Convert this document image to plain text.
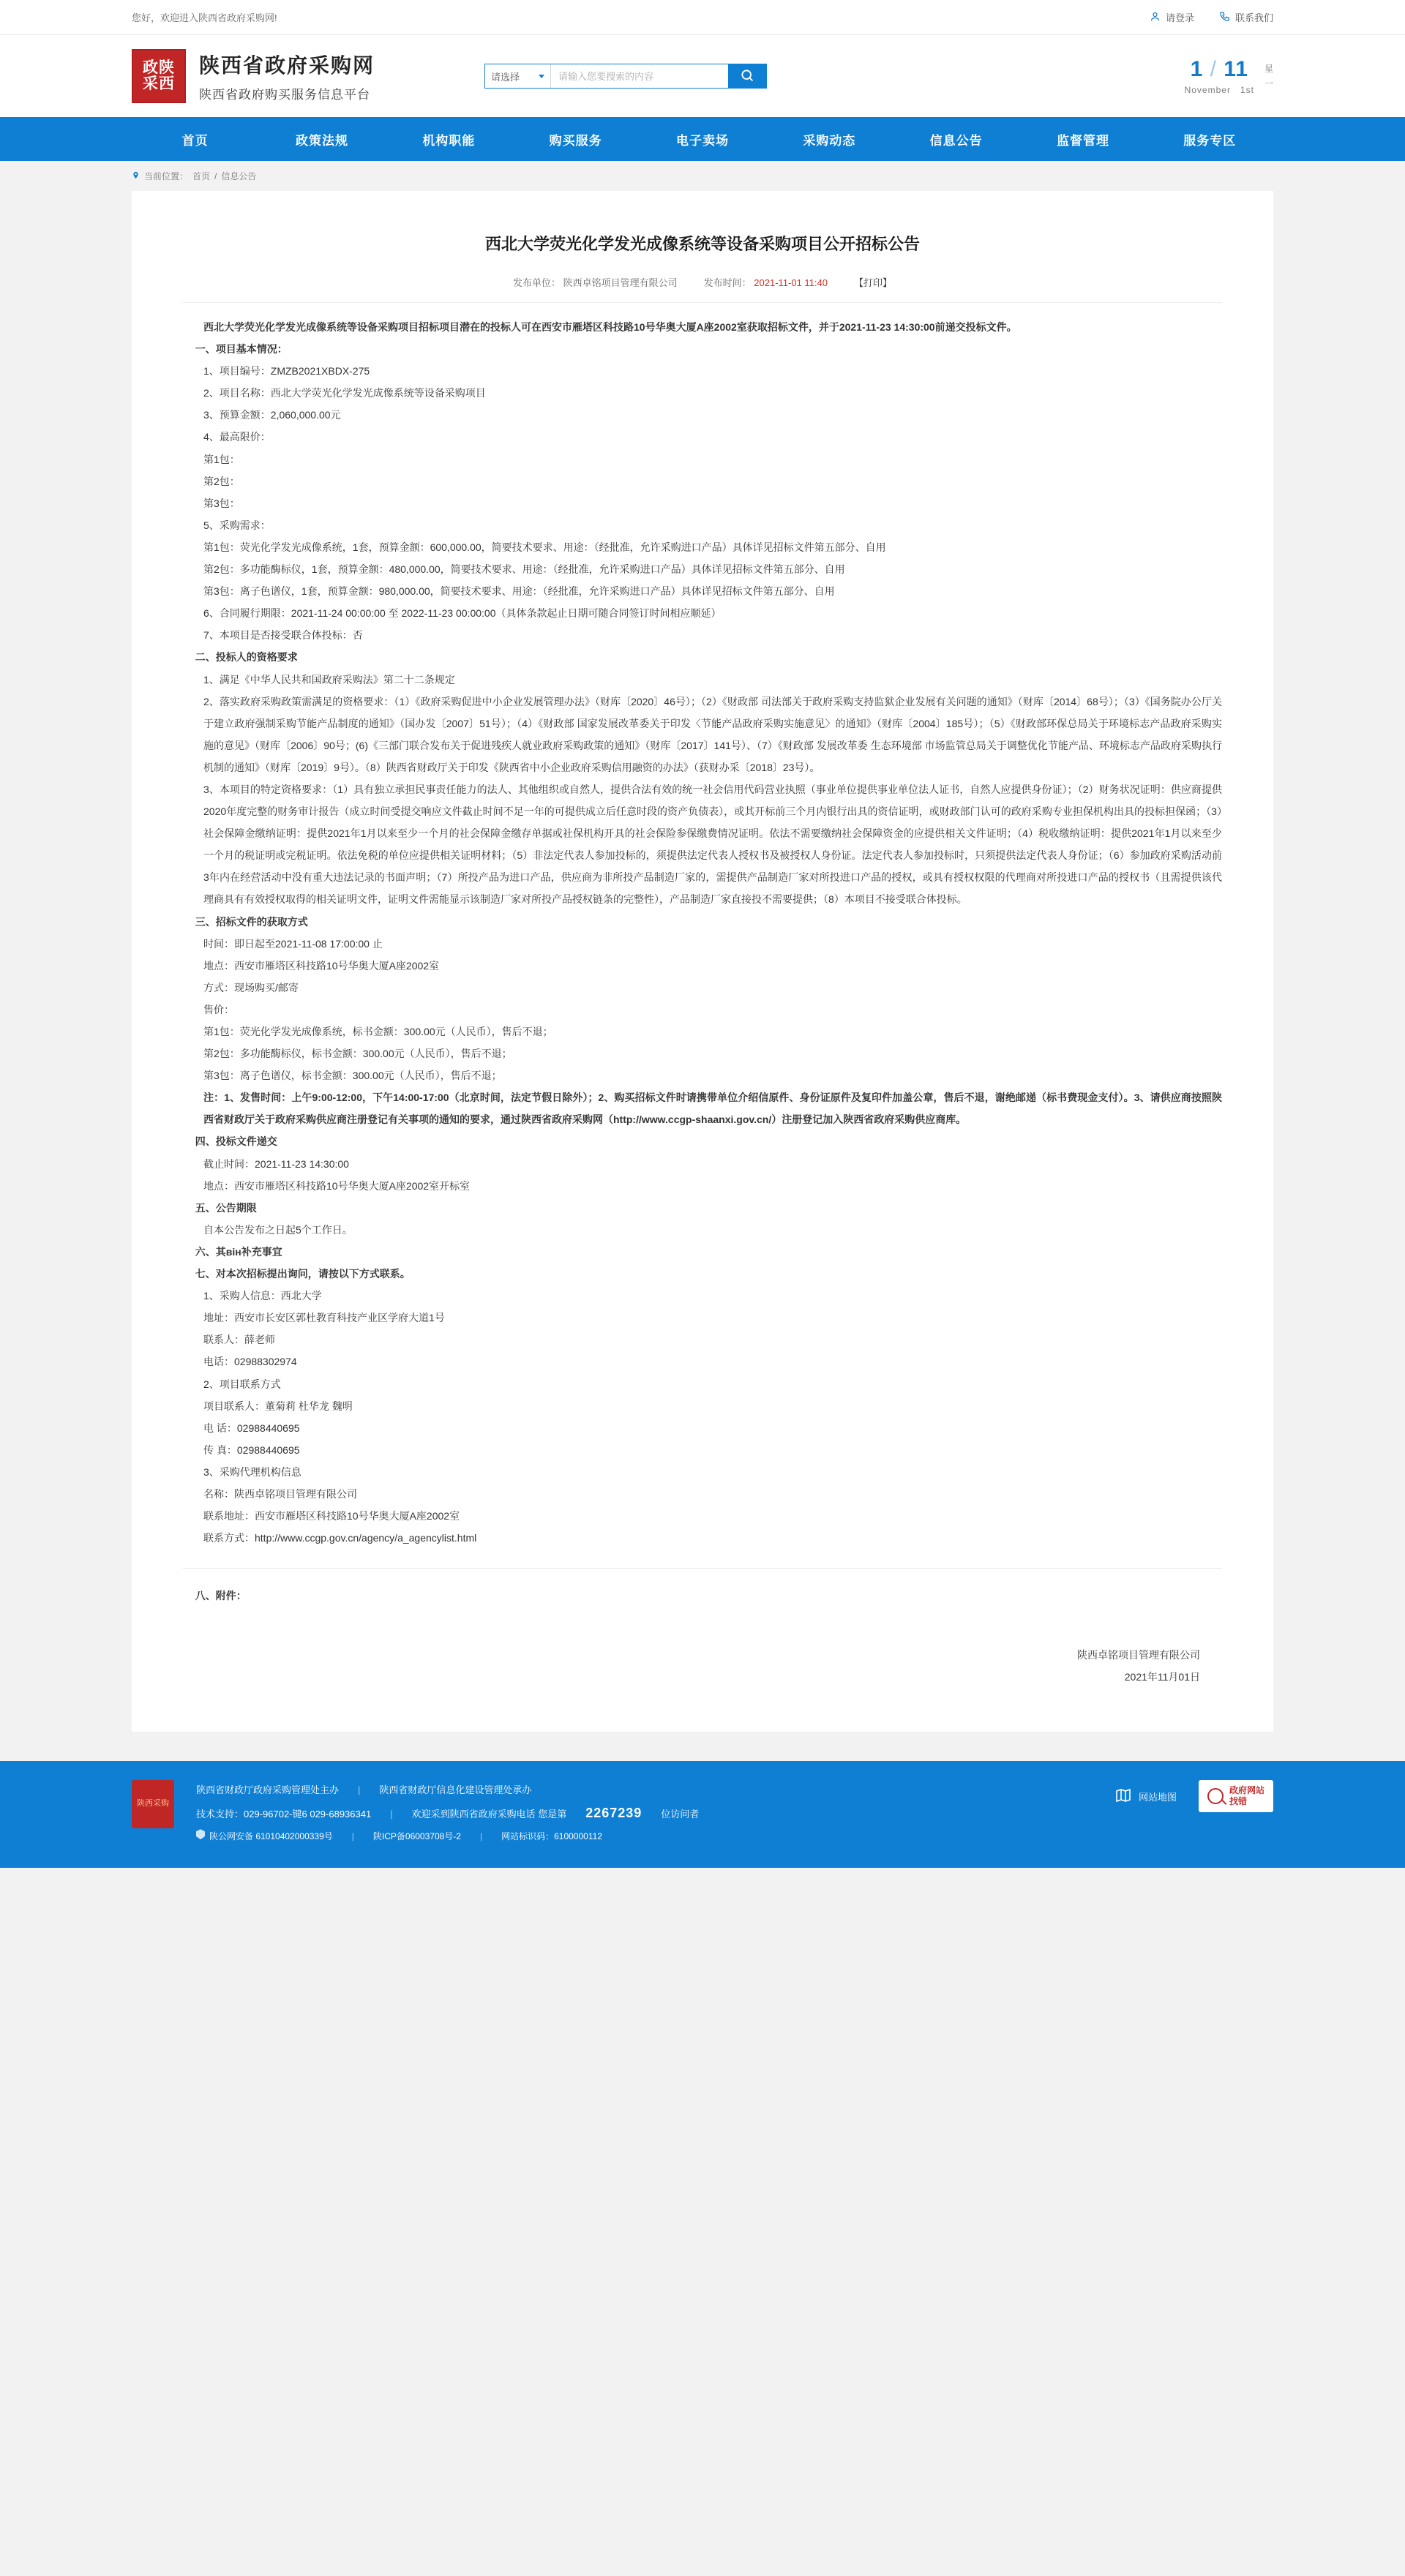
您好，欢迎进入陕西省政府采购网!	请登录	联系我们
政陕
采西
陕西省政府采购网
陕西省政府购买服务信息平台
请选择
请输入您要搜索的内容	1 / 11
November 1st
星
一
首页	政策法规	机构职能	购买服务	电子卖场	采购动态	信息公告	监督管理	服务专区
当前位置： 首页 / 信息公告
西北大学荧光化学发光成像系统等设备采购项目公开招标公告
发布单位： 陕西卓铭项目管理有限公司	发布时间： 2021-11-01 11:40	【打印】

西北大学荧光化学发光成像系统等设备采购项目招标项目潜在的投标人可在西安市雁塔区科技路10号华奥大厦A座2002室获取招标文件，并于2021-11-23 14:30:00前递交投标文件。

一、项目基本情况：

1、项目编号：ZMZB2021XBDX-275

2、项目名称：西北大学荧光化学发光成像系统等设备采购项目

3、预算金额：2,060,000.00元

4、最高限价：

第1包：

第2包：

第3包：

5、采购需求：

第1包：荧光化学发光成像系统，1套，预算金额：600,000.00，简要技术要求、用途：（经批准，允许采购进口产品）具体详见招标文件第五部分、自用

第2包：多功能酶标仪，1套，预算金额：480,000.00，简要技术要求、用途：（经批准，允许采购进口产品）具体详见招标文件第五部分、自用

第3包：离子色谱仪，1套，预算金额：980,000.00，简要技术要求、用途：（经批准，允许采购进口产品）具体详见招标文件第五部分、自用

6、合同履行期限：2021-11-24 00:00:00 至 2022-11-23 00:00:00（具体条款起止日期可随合同签订时间相应顺延）

7、本项目是否接受联合体投标：否

二、投标人的资格要求

1、满足《中华人民共和国政府采购法》第二十二条规定

2、落实政府采购政策需满足的资格要求：（1）《政府采购促进中小企业发展管理办法》（财库〔2020〕46号）；（2）《财政部 司法部关于政府采购支持监狱企业发展有关问题的通知》（财库〔2014〕68号）；（3）《国务院办公厅关于建立政府强制采购节能产品制度的通知》（国办发〔2007〕51号）；（4）《财政部 国家发展改革委关于印发〈节能产品政府采购实施意见〉的通知》（财库〔2004〕185号）；（5）《财政部环保总局关于环境标志产品政府采购实施的意见》（财库〔2006〕90号；(6)《三部门联合发布关于促进残疾人就业政府采购政策的通知》（财库〔2017〕141号）、（7）《财政部 发展改革委 生态环境部 市场监管总局关于调整优化节能产品、环境标志产品政府采购执行机制的通知》（财库〔2019〕9号）。（8）陕西省财政厅关于印发《陕西省中小企业政府采购信用融资的办法》（获财办采〔2018〕23号）。

3、本项目的特定资格要求：（1）具有独立承担民事责任能力的法人、其他组织或自然人，提供合法有效的统一社会信用代码营业执照（事业单位提供事业单位法人证书，自然人应提供身份证）；（2）财务状况证明：供应商提供2020年度完整的财务审计报告（成立时间受提交响应文件截止时间不足一年的可提供成立后任意时段的资产负债表），或其开标前三个月内银行出具的资信证明，或财政部门认可的政府采购专业担保机构出具的投标担保函；（3）社会保障金缴纳证明：提供2021年1月以来至少一个月的社会保障金缴存单据或社保机构开具的社会保险参保缴费情况证明。依法不需要缴纳社会保障资金的应提供相关文件证明；（4）税收缴纳证明：提供2021年1月以来至少一个月的税证明或完税证明。依法免税的单位应提供相关证明材料；（5）非法定代表人参加投标的，须提供法定代表人授权书及被授权人身份证。法定代表人参加投标时，只须提供法定代表人身份证；（6）参加政府采购活动前3年内在经营活动中没有重大违法记录的书面声明；（7）所投产品为进口产品，供应商为非所投产品制造厂家的，需提供产品制造厂家对所投进口产品的授权，或具有授权权限的代理商对所投进口产品的授权书（且需提供该代理商具有有效授权取得的相关证明文件，证明文件需能显示该制造厂家对所投产品授权链条的完整性），产品制造厂家直接投不需要提供；（8）本项目不接受联合体投标。

三、招标文件的获取方式

时间：即日起至2021-11-08 17:00:00 止

地点：西安市雁塔区科技路10号华奥大厦A座2002室

方式：现场购买/邮寄

售价：

第1包：荧光化学发光成像系统，标书金额：300.00元（人民币），售后不退；

第2包：多功能酶标仪，标书金额：300.00元（人民币），售后不退；

第3包：离子色谱仪，标书金额：300.00元（人民币），售后不退；

注：1、发售时间：上午9:00-12:00，下午14:00-17:00（北京时间，法定节假日除外）；2、购买招标文件时请携带单位介绍信原件、身份证原件及复印件加盖公章，售后不退，谢绝邮递（标书费现金支付）。3、请供应商按照陕西省财政厅关于政府采购供应商注册登记有关事项的通知的要求，通过陕西省政府采购网（http://www.ccgp-shaanxi.gov.cn/）注册登记加入陕西省政府采购供应商库。

四、投标文件递交

截止时间：2021-11-23 14:30:00

地点：西安市雁塔区科技路10号华奥大厦A座2002室开标室

五、公告期限

自本公告发布之日起5个工作日。

六、其він补充事宜

七、对本次招标提出询问，请按以下方式联系。

1、采购人信息：西北大学

地址：西安市长安区郭杜教育科技产业区学府大道1号

联系人：薛老师

电话：02988302974

2、项目联系方式

项目联系人：董菊莉 杜华龙 魏明

电 话：02988440695

传 真：02988440695

3、采购代理机构信息

名称：陕西卓铭项目管理有限公司

联系地址：西安市雁塔区科技路10号华奥大厦A座2002室

联系方式：http://www.ccgp.gov.cn/agency/a_agencylist.html

八、附件：

陕西卓铭项目管理有限公司
2021年11月01日
陕西采购
陕西省财政厅政府采购管理处主办 | 陕西省财政厅信息化建设管理处承办
技术支持：029-96702-键6 029-68936341 | 欢迎采到陕西省政府采购电话 您是第 2267239 位访问者
陕公网安备 61010402000339号 | 陕ICP备06003708号-2 | 网站标识码：6100000112
网站地图
政府网站
找错
